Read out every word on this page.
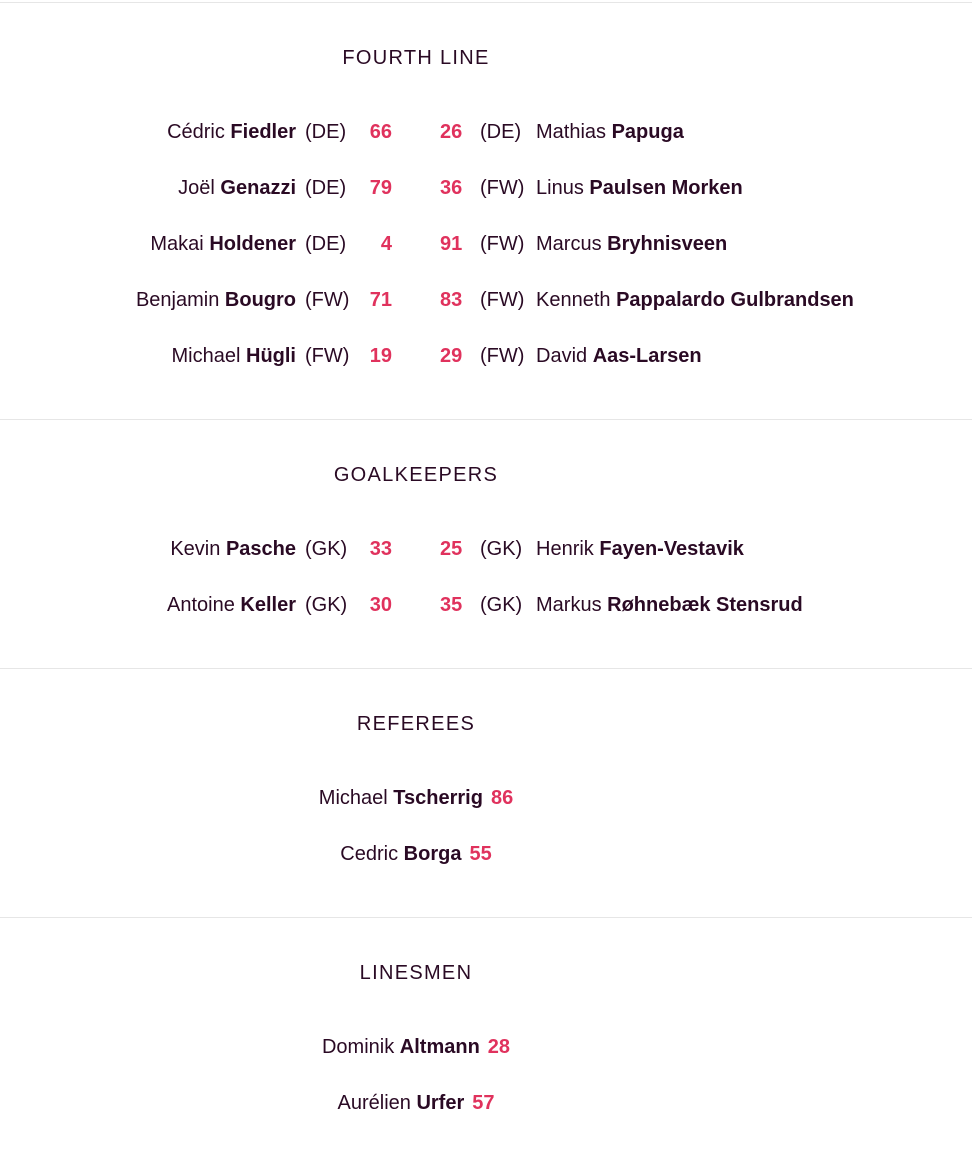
FOURTH LINE
Cédric Fiedler (DE) 66 26 (DE) Mathias Papuga
Joël Genazzi (DE) 79 36 (FW) Linus Paulsen Morken
Makai Holdener (DE) 4 91 (FW) Marcus Bryhnisveen
Benjamin Bougro (FW) 71 83 (FW) Kenneth Pappalardo Gulbrandsen
Michael Hügli (FW) 19 29 (FW) David Aas-Larsen
GOALKEEPERS
Kevin Pasche (GK) 33 25 (GK) Henrik Fayen-Vestavik
Antoine Keller (GK) 30 35 (GK) Markus Røhnebæk Stensrud
REFEREES
Michael Tscherrig 86
Cedric Borga 55
LINESMEN
Dominik Altmann 28
Aurélien Urfer 57
